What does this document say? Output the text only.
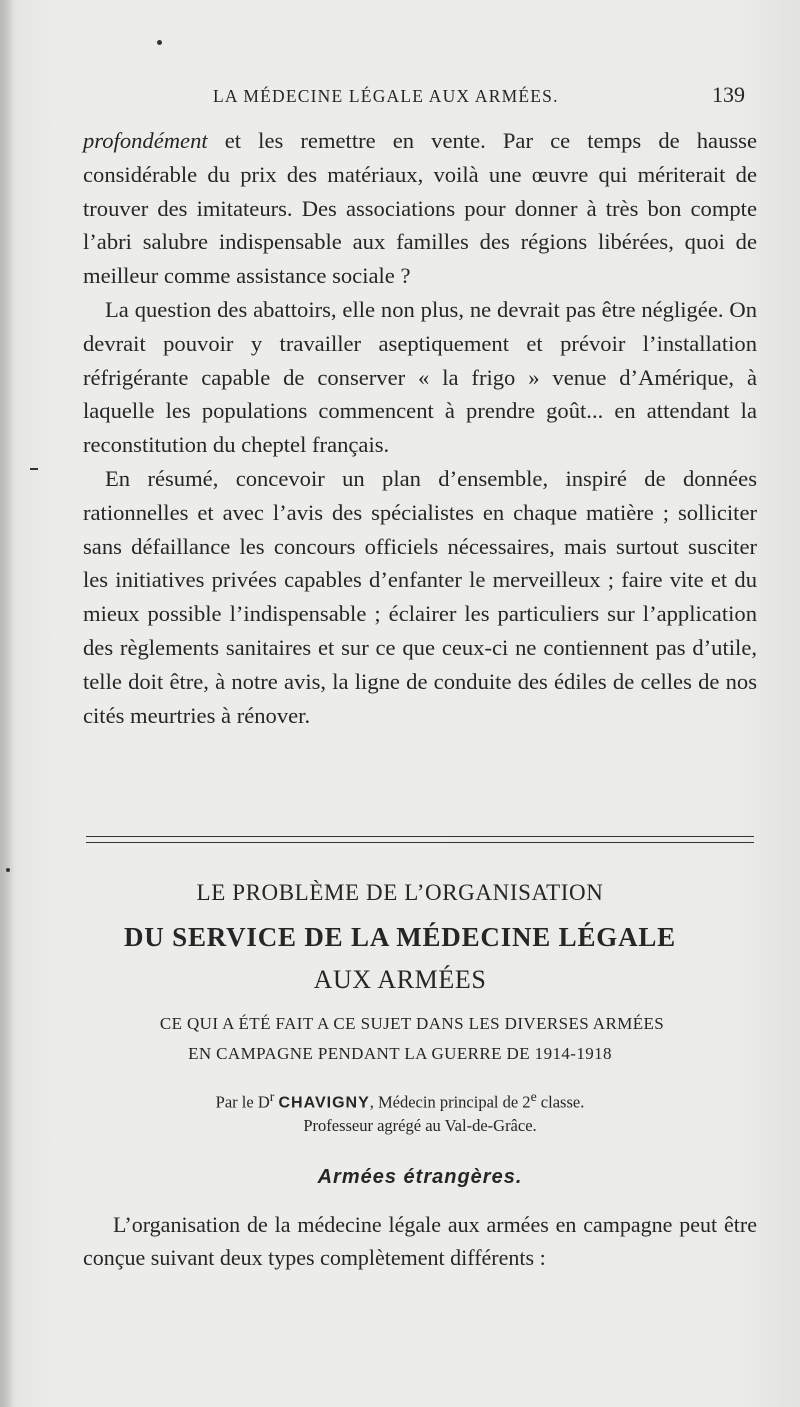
LA MÉDECINE LÉGALE AUX ARMÉES.	139

profondément et les remettre en vente. Par ce temps de hausse considérable du prix des matériaux, voilà une œuvre qui mériterait de trouver des imitateurs. Des associations pour donner à très bon compte l’abri salubre indispensable aux familles des régions libérées, quoi de meilleur comme assistance sociale ?

La question des abattoirs, elle non plus, ne devrait pas être négligée. On devrait pouvoir y travailler aseptiquement et prévoir l’installation réfrigérante capable de conserver « la frigo » venue d’Amérique, à laquelle les populations commencent à prendre goût... en attendant la reconstitution du cheptel français.

En résumé, concevoir un plan d’ensemble, inspiré de données rationnelles et avec l’avis des spécialistes en chaque matière ; solliciter sans défaillance les concours officiels nécessaires, mais surtout susciter les initiatives privées capables d’enfanter le merveilleux ; faire vite et du mieux possible l’indispensable ; éclairer les particuliers sur l’application des règlements sanitaires et sur ce que ceux-ci ne contiennent pas d’utile, telle doit être, à notre avis, la ligne de conduite des édiles de celles de nos cités meurtries à rénover.

LE PROBLÈME DE L’ORGANISATION
DU SERVICE DE LA MÉDECINE LÉGALE
AUX ARMÉES
CE QUI A ÉTÉ FAIT A CE SUJET DANS LES DIVERSES ARMÉES
EN CAMPAGNE PENDANT LA GUERRE DE 1914-1918
Par le $D^r$ CHAVIGNY, Médecin principal de 2e classe.
Professeur agrégé au Val-de-Grâce.
Armées étrangères.

L’organisation de la médecine légale aux armées en campagne peut être conçue suivant deux types complètement différents :
